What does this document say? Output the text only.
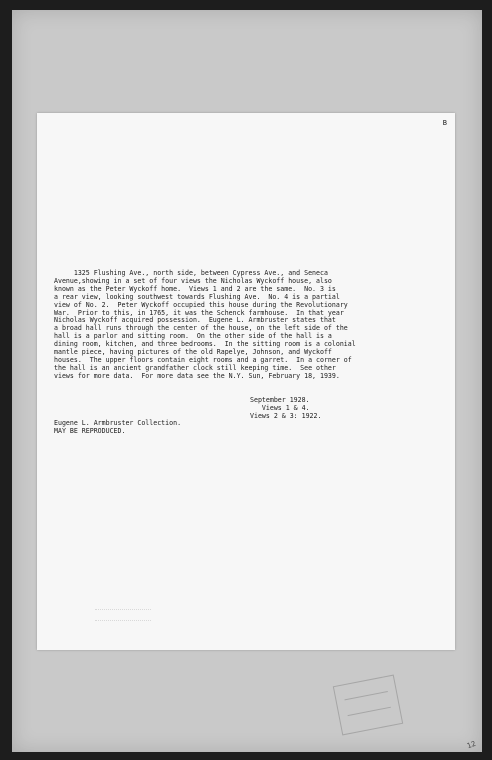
B
1325 Flushing Ave., north side, between Cypress Ave., and Seneca
Avenue,showing in a set of four views the Nicholas Wyckoff house, also
known as the Peter Wyckoff home.  Views 1 and 2 are the same.  No. 3 is
a rear view, looking southwest towards Flushing Ave.  No. 4 is a partial
view of No. 2.  Peter Wyckoff occupied this house during the Revolutionary
War.  Prior to this, in 1765, it was the Schenck farmhouse.  In that year
Nicholas Wyckoff acquired possession.  Eugene L. Armbruster states that
a broad hall runs through the center of the house, on the left side of the
hall is a parlor and sitting room.  On the other side of the hall is a
dining room, kitchen, and three bedrooms.  In the sitting room is a colonial
mantle piece, having pictures of the old Rapelye, Johnson, and Wyckoff
houses.  The upper floors contain eight rooms and a garret.  In a corner of
the hall is an ancient grandfather clock still keeping time.  See other
views for more data.  For more data see the N.Y. Sun, February 18, 1939.
September 1928.
Views 1 & 4.
Views 2 & 3: 1922.
Eugene L. Armbruster Collection.
MAY BE REPRODUCED.
12
